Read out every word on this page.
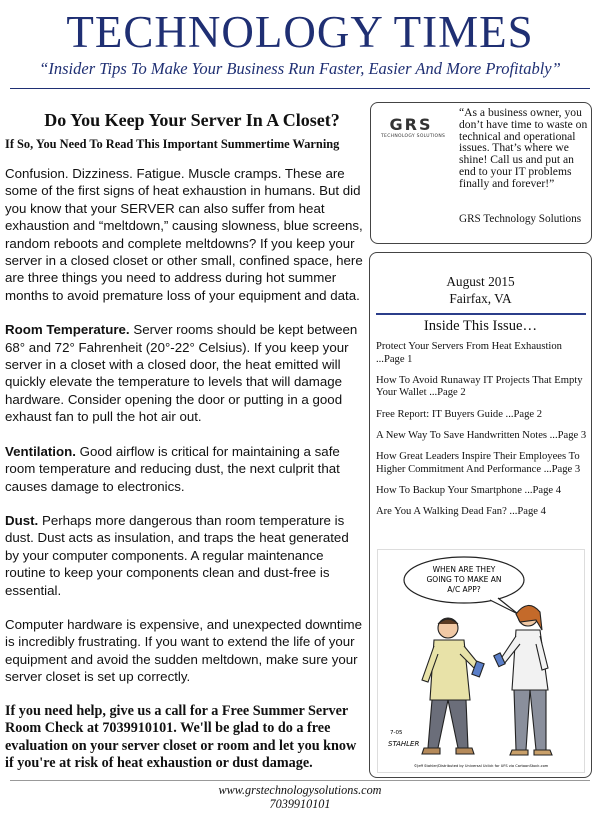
TECHNOLOGY TIMES
“Insider Tips To Make Your Business Run Faster, Easier And More Profitably”
Do You Keep Your Server In A Closet?
If So, You Need To Read This Important Summertime Warning

Confusion. Dizziness. Fatigue. Muscle cramps. These are some of the first signs of heat exhaustion in humans. But did you know that your SERVER can also suffer from heat exhaustion and “meltdown,” causing slowness, blue screens, random reboots and complete meltdowns? If you keep your server in a closed closet or other small, confined space, here are three things you need to address during hot summer months to avoid premature loss of your equipment and data.

Room Temperature. Server rooms should be kept between 68° and 72° Fahrenheit (20°-22° Celsius). If you keep your server in a closet with a closed door, the heat emitted will quickly elevate the temperature to levels that will damage hardware. Consider opening the door or putting in a good exhaust fan to pull the hot air out.

Ventilation. Good airflow is critical for maintaining a safe room temperature and reducing dust, the next culprit that causes damage to electronics.

Dust. Perhaps more dangerous than room temperature is dust. Dust acts as insulation, and traps the heat generated by your computer components. A regular maintenance routine to keep your components clean and dust-free is essential.

Computer hardware is expensive, and unexpected downtime is incredibly frustrating. If you want to extend the life of your equipment and avoid the sudden meltdown, make sure your server closet is set up correctly.

If you need help, give us a call for a Free Summer Server Room Check at 7039910101. We'll be glad to do a free evaluation on your server closet or room and let you know if you're at risk of heat exhaustion or dust damage.

GRS
TECHNOLOGY SOLUTIONS

“As a business owner, you don’t have time to waste on technical and operational issues. That’s where we shine! Call us and put an end to your IT problems finally and forever!”

GRS Technology Solutions

August 2015
Fairfax, VA
Inside This Issue…
Protect Your Servers From Heat Exhaustion ...Page 1
How To Avoid Runaway IT Projects That Empty Your Wallet ...Page 2
Free Report: IT Buyers Guide ...Page 2
A New Way To Save Handwritten Notes ...Page 3
How Great Leaders Inspire Their Employees To Higher Commitment And Performance ...Page 3
How To Backup Your Smartphone ...Page 4
Are You A Walking Dead Fan? ...Page 4
WHEN ARE THEY
GOING TO MAKE AN
A/C APP?
7-05
STAHLER
©Jeff Stahler/Distributed by Universal Uclick for UFS via CartoonStock.com
www.grstechnologysolutions.com
7039910101
